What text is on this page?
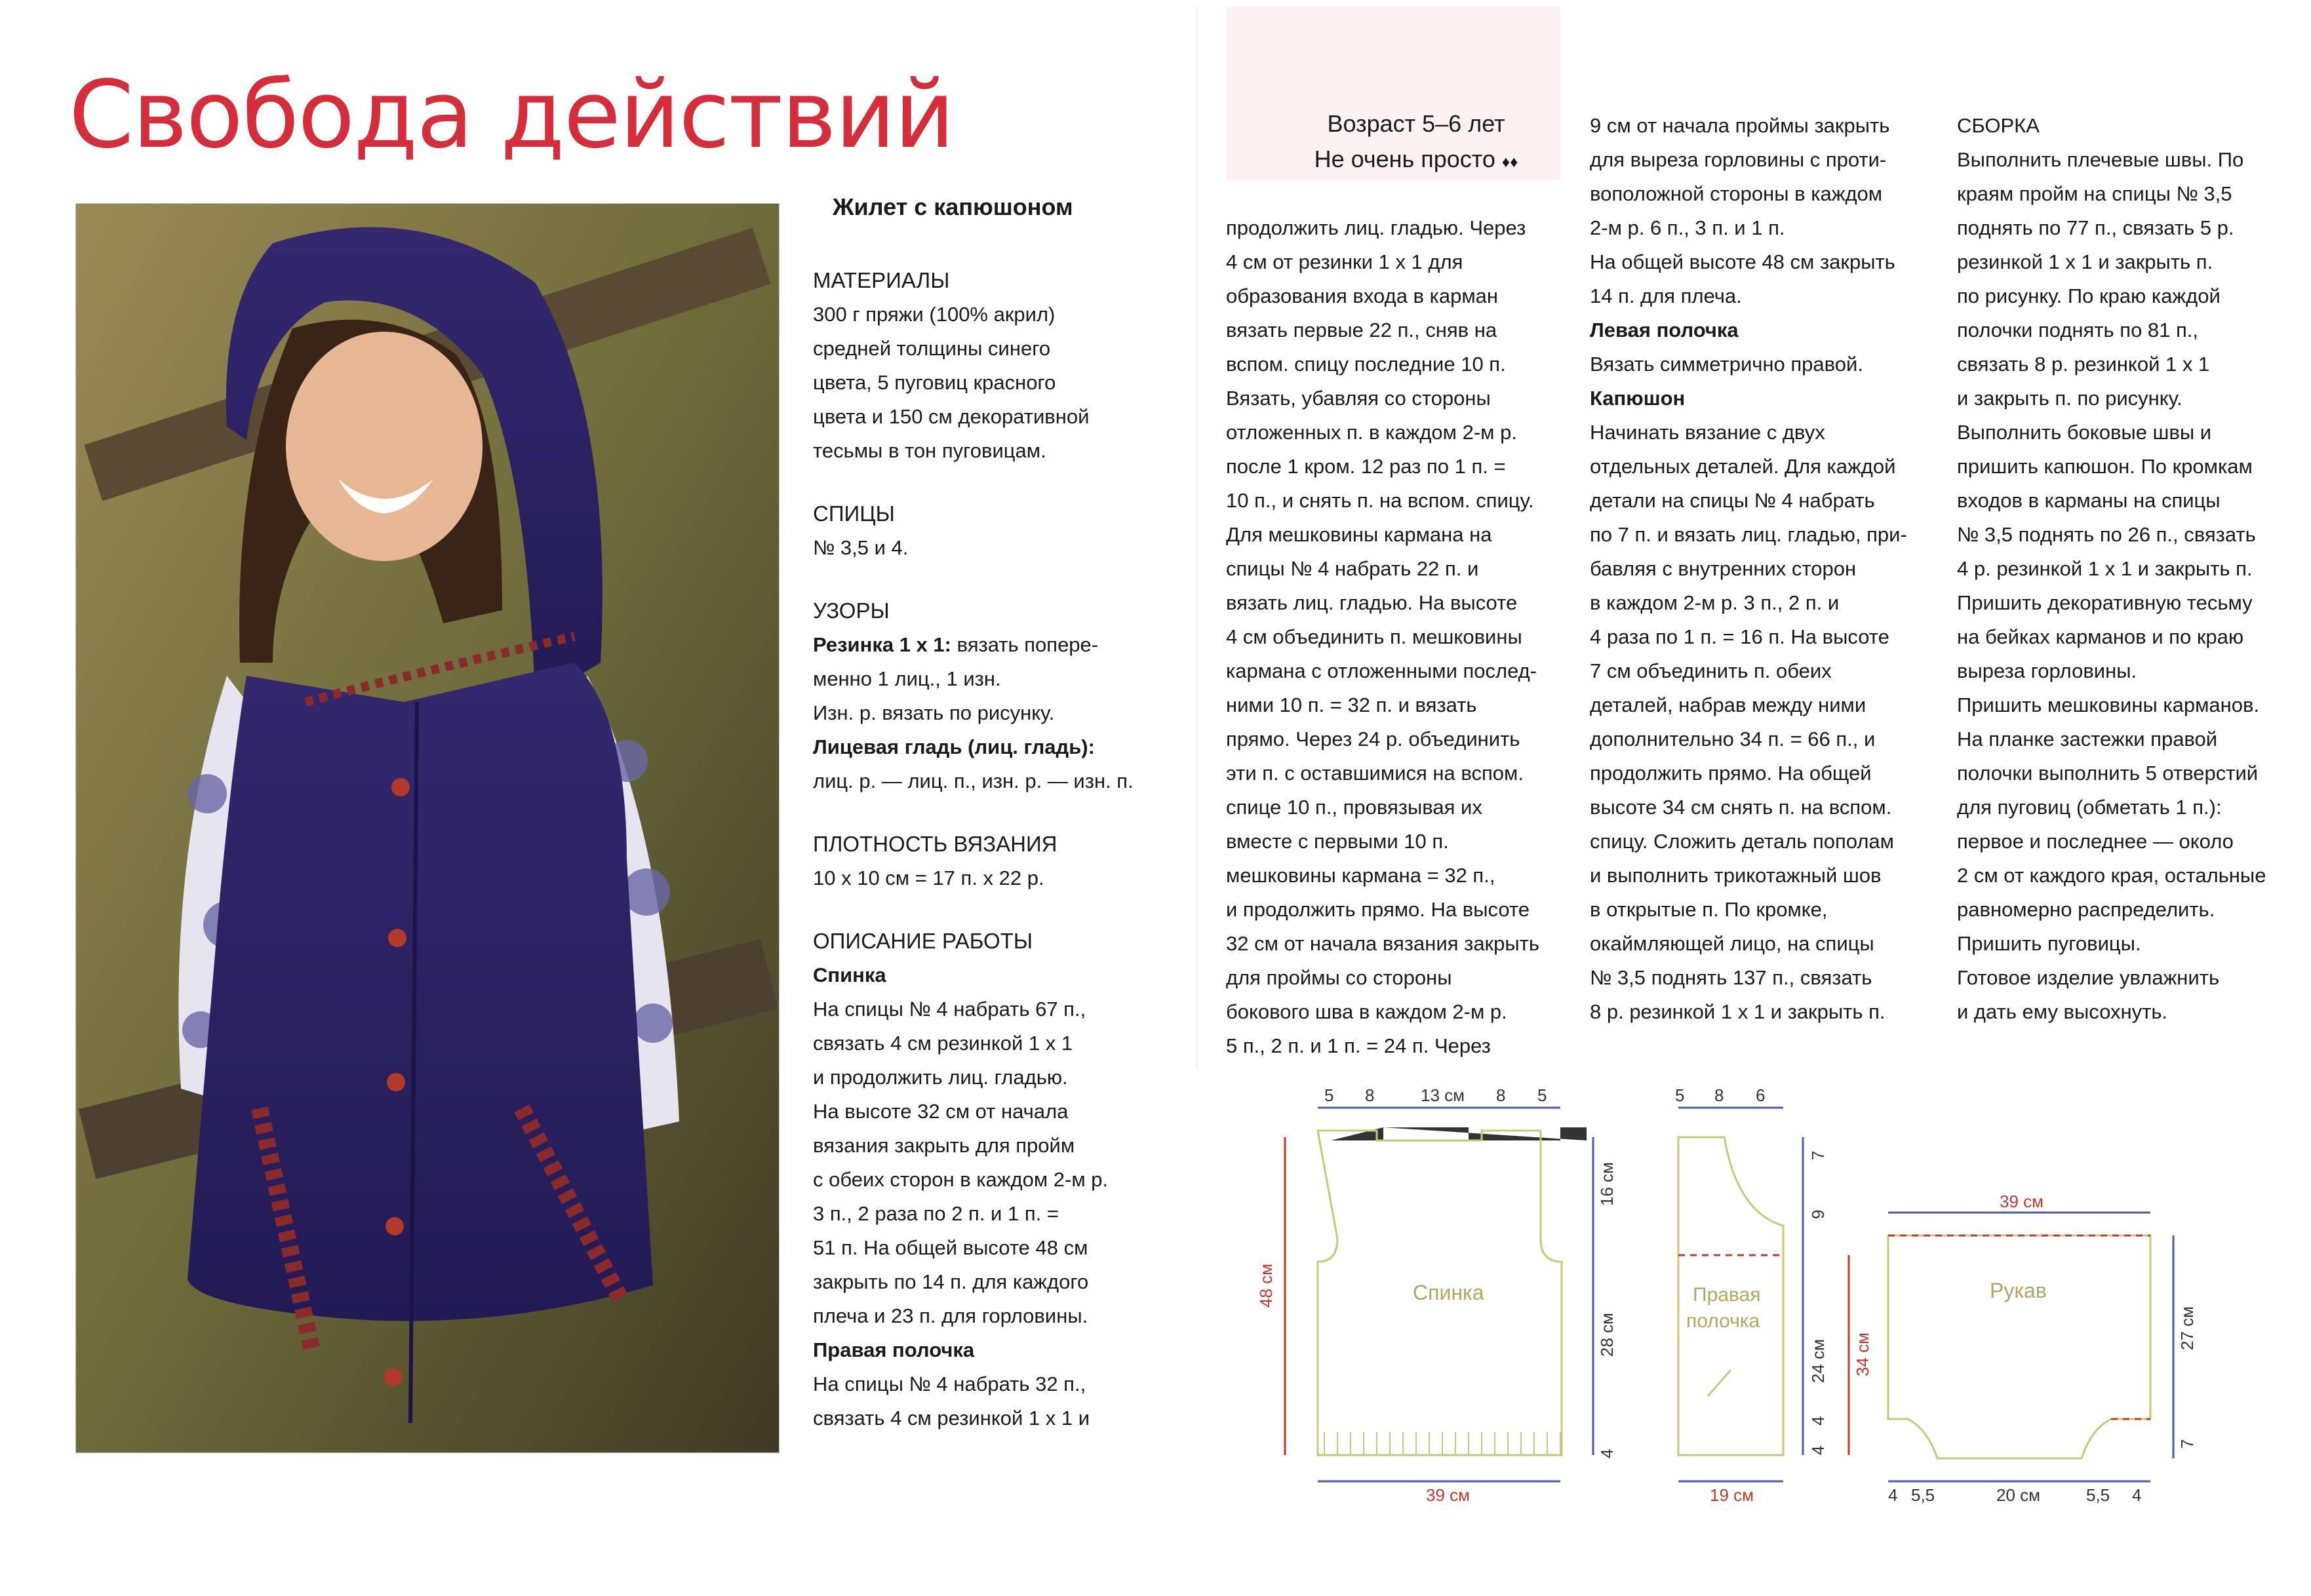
Свобода действий

Жилет с капюшоном

МАТЕРИАЛЫ

300 г пряжи (100% акрил)

средней толщины синего

цвета, 5 пуговиц красного

цвета и 150 см декоративной

тесьмы в тон пуговицам.

СПИЦЫ

№ 3,5 и 4.

УЗОРЫ

Резинка 1 х 1: вязать попере-

менно 1 лиц., 1 изн.

Изн. р. вязать по рисунку.

Лицевая гладь (лиц. гладь):

лиц. р. — лиц. п., изн. р. — изн. п.

ПЛОТНОСТЬ ВЯЗАНИЯ

10 х 10 см = 17 п. х 22 р.

ОПИСАНИЕ РАБОТЫ

Спинка

На спицы № 4 набрать 67 п.,

связать 4 см резинкой 1 х 1

и продолжить лиц. гладью.

На высоте 32 см от начала

вязания закрыть для пройм

с обеих сторон в каждом 2-м р.

3 п., 2 раза по 2 п. и 1 п. =

51 п. На общей высоте 48 см

закрыть по 14 п. для каждого

плеча и 23 п. для горловины.

Правая полочка

На спицы № 4 набрать 32 п.,

связать 4 см резинкой 1 х 1 и

Возраст 5–6 лет
Не очень просто ♦♦

продолжить лиц. гладью. Через

4 см от резинки 1 х 1 для

образования входа в карман

вязать первые 22 п., сняв на

вспом. спицу последние 10 п.

Вязать, убавляя со стороны

отложенных п. в каждом 2-м р.

после 1 кром. 12 раз по 1 п. =

10 п., и снять п. на вспом. спицу.

Для мешковины кармана на

спицы № 4 набрать 22 п. и

вязать лиц. гладью. На высоте

4 см объединить п. мешковины

кармана с отложенными послед-

ними 10 п. = 32 п. и вязать

прямо. Через 24 р. объединить

эти п. с оставшимися на вспом.

спице 10 п., провязывая их

вместе с первыми 10 п.

мешковины кармана = 32 п.,

и продолжить прямо. На высоте

32 см от начала вязания закрыть

для проймы со стороны

бокового шва в каждом 2-м р.

5 п., 2 п. и 1 п. = 24 п. Через

9 см от начала проймы закрыть

для выреза горловины с проти-

воположной стороны в каждом

2-м р. 6 п., 3 п. и 1 п.

На общей высоте 48 см закрыть

14 п. для плеча.

Левая полочка

Вязать симметрично правой.

Капюшон

Начинать вязание с двух

отдельных деталей. Для каждой

детали на спицы № 4 набрать

по 7 п. и вязать лиц. гладью, при-

бавляя с внутренних сторон

в каждом 2-м р. 3 п., 2 п. и

4 раза по 1 п. = 16 п. На высоте

7 см объединить п. обеих

деталей, набрав между ними

дополнительно 34 п. = 66 п., и

продолжить прямо. На общей

высоте 34 см снять п. на вспом.

спицу. Сложить деталь пополам

и выполнить трикотажный шов

в открытые п. По кромке,

окаймляющей лицо, на спицы

№ 3,5 поднять 137 п., связать

8 р. резинкой 1 х 1 и закрыть п.

СБОРКА

Выполнить плечевые швы. По

краям пройм на спицы № 3,5

поднять по 77 п., связать 5 р.

резинкой 1 х 1 и закрыть п.

по рисунку. По краю каждой

полочки поднять по 81 п.,

связать 8 р. резинкой 1 х 1

и закрыть п. по рисунку.

Выполнить боковые швы и

пришить капюшон. По кромкам

входов в карманы на спицы

№ 3,5 поднять по 26 п., связать

4 р. резинкой 1 х 1 и закрыть п.

Пришить декоративную тесьму

на бейках карманов и по краю

выреза горловины.

Пришить мешковины карманов.

На планке застежки правой

полочки выполнить 5 отверстий

для пуговиц (обметать 1 п.):

первое и последнее — около

2 см от каждого края, остальные

равномерно распределить.

Пришить пуговицы.

Готовое изделие увлажнить

и дать ему высохнуть.

Спинка
48 см
39 см
5 8	13 см 8 5
16 см
28 см
4
Правая
полочка
5 8 6
19 см
7
9
24 см
4
4
34 см
Рукав
39 см
27 см
7
4 5,5	20 см	5,5 4
